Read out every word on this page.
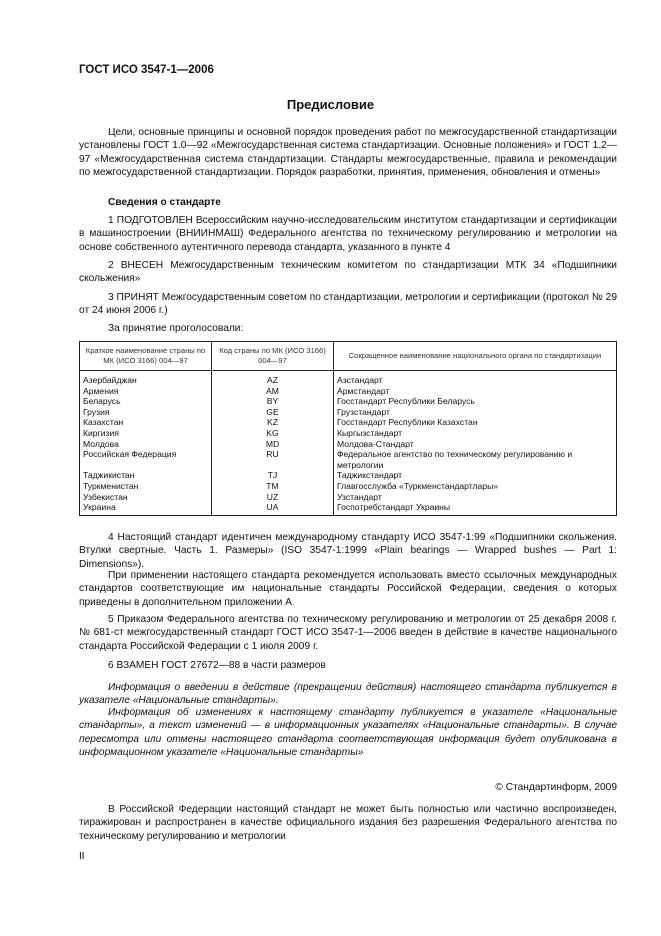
ГОСТ ИСО 3547-1—2006
Предисловие
Цели, основные принципы и основной порядок проведения работ по межгосударственной стандартизации установлены ГОСТ 1.0—92 «Межгосударственная система стандартизации. Основные положения» и ГОСТ 1.2—97 «Межгосударственная система стандартизации. Стандарты межгосударственные, правила и рекомендации по межгосударственной стандартизации. Порядок разработки, принятия, применения, обновления и отмены»
Сведения о стандарте
1 ПОДГОТОВЛЕН Всероссийским научно-исследовательским институтом стандартизации и сертификации в машиностроении (ВНИИНМАШ) Федерального агентства по техническому регулированию и метрологии на основе собственного аутентичного перевода стандарта, указанного в пункте 4
2 ВНЕСЕН Межгосударственным техническим комитетом по стандартизации МТК 34 «Подшипники скольжения»
3 ПРИНЯТ Межгосударственным советом по стандартизации, метрологии и сертификации (протокол № 29 от 24 июня 2006 г.)
За принятие проголосовали:
Краткое наименование страны по МК (ИСО 3166) 004—97	Код страны по МК (ИСО 3166) 004—97	Сокращенное наименование национального органа по стандартизации
Азербайджан	AZ	Азстандарт
Армения	AM	Армстандарт
Беларусь	BY	Госстандарт Республики Беларусь
Грузия	GE	Грузстандарт
Казахстан	KZ	Госстандарт Республики Казахстан
Киргизия	KG	Кыргызстандарт
Молдова	MD	Молдова-Стандарт
Российская Федерация	RU	Федеральное агентство по техническому регулированию и метрологии
Таджикистан	TJ	Таджикстандарт
Туркменистан	TM	Главгосслужба «Туркменстандартлары»
Узбекистан	UZ	Узстандарт
Украина	UA	Госпотребстандарт Украины
4 Настоящий стандарт идентичен международному стандарту ИСО 3547-1:99 «Подшипники скольжения. Втулки свертные. Часть 1. Размеры» (ISO 3547-1:1999 «Plain bearings — Wrapped bushes — Part 1: Dimensions»).
При применении настоящего стандарта рекомендуется использовать вместо ссылочных международных стандартов соответствующие им национальные стандарты Российской Федерации, сведения о которых приведены в дополнительном приложении А
5 Приказом Федерального агентства по техническому регулированию и метрологии от 25 декабря 2008 г. № 681-ст межгосударственный стандарт ГОСТ ИСО 3547-1—2006 введен в действие в качестве национального стандарта Российской Федерации с 1 июля 2009 г.
6 ВЗАМЕН ГОСТ 27672—88 в части размеров
Информация о введении в действие (прекращении действия) настоящего стандарта публикуется в указателе «Национальные стандарты».
Информация об изменениях к настоящему стандарту публикуется в указателе «Национальные стандарты», а текст изменений — в информационных указателях «Национальные стандарты». В случае пересмотра или отмены настоящего стандарта соответствующая информация будет опубликована в информационном указателе «Национальные стандарты»
© Стандартинформ, 2009
В Российской Федерации настоящий стандарт не может быть полностью или частично воспроизведен, тиражирован и распространен в качестве официального издания без разрешения Федерального агентства по техническому регулированию и метрологии
II
